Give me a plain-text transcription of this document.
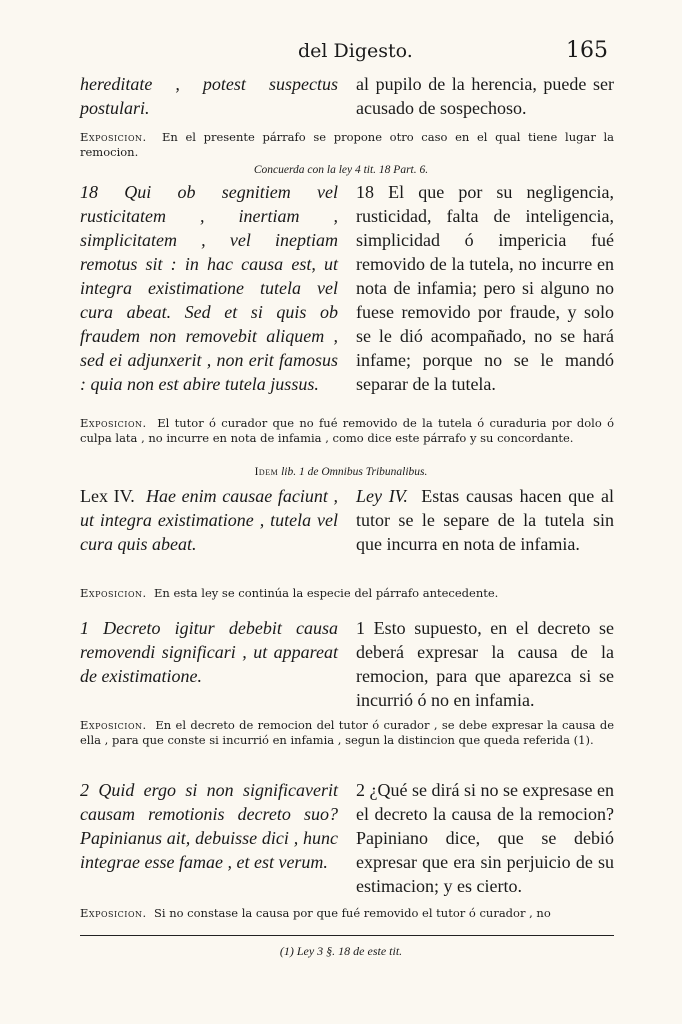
del Digesto.	165

hereditate , potest suspectus postulari.

al pupilo de la herencia, puede ser acusado de sospechoso.

Exposicion. En el presente párrafo se propone otro caso en el qual tiene lugar la remocion.

Concuerda con la ley 4 tit. 18 Part. 6.

18 Qui ob segnitiem vel rusticitatem , inertiam , simplicitatem , vel ineptiam remotus sit : in hac causa est, ut integra existimatione tutela vel cura abeat. Sed et si quis ob fraudem non removebit aliquem , sed ei adjunxerit , non erit famosus : quia non est abire tutela jussus.

18 El que por su negligencia, rusticidad, falta de inteligencia, simplicidad ó impericia fué removido de la tutela, no incurre en nota de infamia; pero si alguno no fuese removido por fraude, y solo se le dió acompañado, no se hará infame; porque no se le mandó separar de la tutela.

Exposicion. El tutor ó curador que no fué removido de la tutela ó curaduria por dolo ó culpa lata , no incurre en nota de infamia , como dice este párrafo y su concordante.

Idem lib. 1 de Omnibus Tribunalibus.

Lex IV. Hae enim causae faciunt , ut integra existimatione , tutela vel cura quis abeat.

Ley IV. Estas causas hacen que al tutor se le separe de la tutela sin que incurra en nota de infamia.

Exposicion. En esta ley se continúa la especie del párrafo antecedente.

1 Decreto igitur debebit causa removendi significari , ut appareat de existimatione.

1 Esto supuesto, en el decreto se deberá expresar la causa de la remocion, para que aparezca si se incurrió ó no en infamia.

Exposicion. En el decreto de remocion del tutor ó curador , se debe expresar la causa de ella , para que conste si incurrió en infamia , segun la distincion que queda referida (1).

2 Quid ergo si non significaverit causam remotionis decreto suo? Papinianus ait, debuisse dici , hunc integrae esse famae , et est verum.

2 ¿Qué se dirá si no se expresase en el decreto la causa de la remocion? Papiniano dice, que se debió expresar que era sin perjuicio de su estimacion; y es cierto.

Exposicion. Si no constase la causa por que fué removido el tutor ó curador , no

(1) Ley 3 §. 18 de este tit.
